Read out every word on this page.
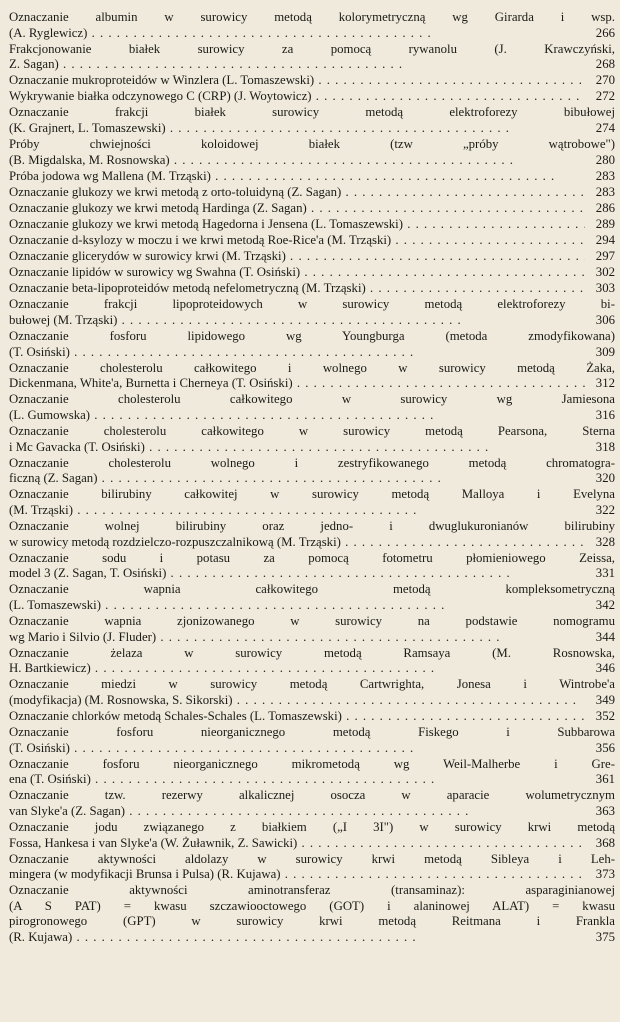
Oznaczanie albumin w surowicy metodą kolorymetryczną wg Girarda i wsp.
(A. Ryglewicz) . .	266
Frakcjonowanie białek surowicy za pomocą rywanolu (J. Krawczyński,
Z. Sagan) . .	268
Oznaczanie mukroproteidów w Winzlera (L. Tomaszewski) . .	270
Wykrywanie białka odczynowego C (CRP) (J. Woytowicz) . .	272
Oznaczanie frakcji białek surowicy metodą elektroforezy bibułowej
(K. Grajnert, L. Tomaszewski) . .	274
Próby chwiejności koloidowej białek (tzw „próby wątrobowe")
(B. Migdalska, M. Rosnowska) . .	280
Próba jodowa wg Mallena (M. Trząski) . .	283
Oznaczanie glukozy we krwi metodą z orto-toluidyną (Z. Sagan) . .	283
Oznaczanie glukozy we krwi metodą Hardinga (Z. Sagan) . .	286
Oznaczanie glukozy we krwi metodą Hagedorna i Jensena (L. Tomaszewski) . .	289
Oznaczanie d-ksylozy w moczu i we krwi metodą Roe-Rice'a (M. Trząski) . .	294
Oznaczanie glicerydów w surowicy krwi (M. Trząski) . .	297
Oznaczanie lipidów w surowicy wg Swahna (T. Osiński) . .	302
Oznaczanie beta-lipoproteidów metodą nefelometryczną (M. Trząski) . .	303
Oznaczanie frakcji lipoproteidowych w surowicy metodą elektroforezy bi-
bułowej (M. Trząski) . .	306
Oznaczanie fosforu lipidowego wg Youngburga (metoda zmodyfikowana)
(T. Osiński) . .	309
Oznaczanie cholesterolu całkowitego i wolnego w surowicy metodą Żaka,
Dickenmana, White'a, Burnetta i Cherneya (T. Osiński) . .	312
Oznaczanie cholesterolu całkowitego w surowicy wg Jamiesona
(L. Gumowska) . .	316
Oznaczanie cholesterolu całkowitego w surowicy metodą Pearsona, Sterna
i Mc Gavacka (T. Osiński) . .	318
Oznaczanie cholesterolu wolnego i zestryfikowanego metodą chromatogra-
ficzną (Z. Sagan) . .	320
Oznaczanie bilirubiny całkowitej w surowicy metodą Malloya i Evelyna
(M. Trząski) . .	322
Oznaczanie wolnej bilirubiny oraz jedno- i dwuglukuronianów bilirubiny
w surowicy metodą rozdzielczo-rozpuszczalnikową (M. Trząski) . .	328
Oznaczanie sodu i potasu za pomocą fotometru płomieniowego Zeissa,
model 3 (Z. Sagan, T. Osiński) . .	331
Oznaczanie wapnia całkowitego metodą kompleksometryczną
(L. Tomaszewski) . .	342
Oznaczanie wapnia zjonizowanego w surowicy na podstawie nomogramu
wg Mario i Silvio (J. Fluder) . .	344
Oznaczanie żelaza w surowicy metodą Ramsaya (M. Rosnowska,
H. Bartkiewicz) . .	346
Oznaczanie miedzi w surowicy metodą Cartwrighta, Jonesa i Wintrobe'a
(modyfikacja) (M. Rosnowska, S. Sikorski) . .	349
Oznaczanie chlorków metodą Schales-Schales (L. Tomaszewski) . .	352
Oznaczanie fosforu nieorganicznego metodą Fiskego i Subbarowa
(T. Osiński) . .	356
Oznaczanie fosforu nieorganicznego mikrometodą wg Weil-Malherbe i Gre-
ena (T. Osiński) . .	361
Oznaczanie tzw. rezerwy alkalicznej osocza w aparacie wolumetrycznym
van Slyke'a (Z. Sagan) . .	363
Oznaczanie jodu związanego z białkiem („I 3I") w surowicy krwi metodą
Fossa, Hankesa i van Slyke'a (W. Żuławnik, Z. Sawicki) . .	368
Oznaczanie aktywności aldolazy w surowicy krwi metodą Sibleya i Leh-
mingera (w modyfikacji Brunsa i Pulsa) (R. Kujawa) . .	373
Oznaczanie aktywności aminotransferaz (transaminaz): asparaginianowej
(A S PAT) = kwasu szczawiooctowego (GOT) i alaninowej ALAT) = kwasu
pirogronowego (GPT) w surowicy krwi metodą Reitmana i Frankla
(R. Kujawa) . .	375
